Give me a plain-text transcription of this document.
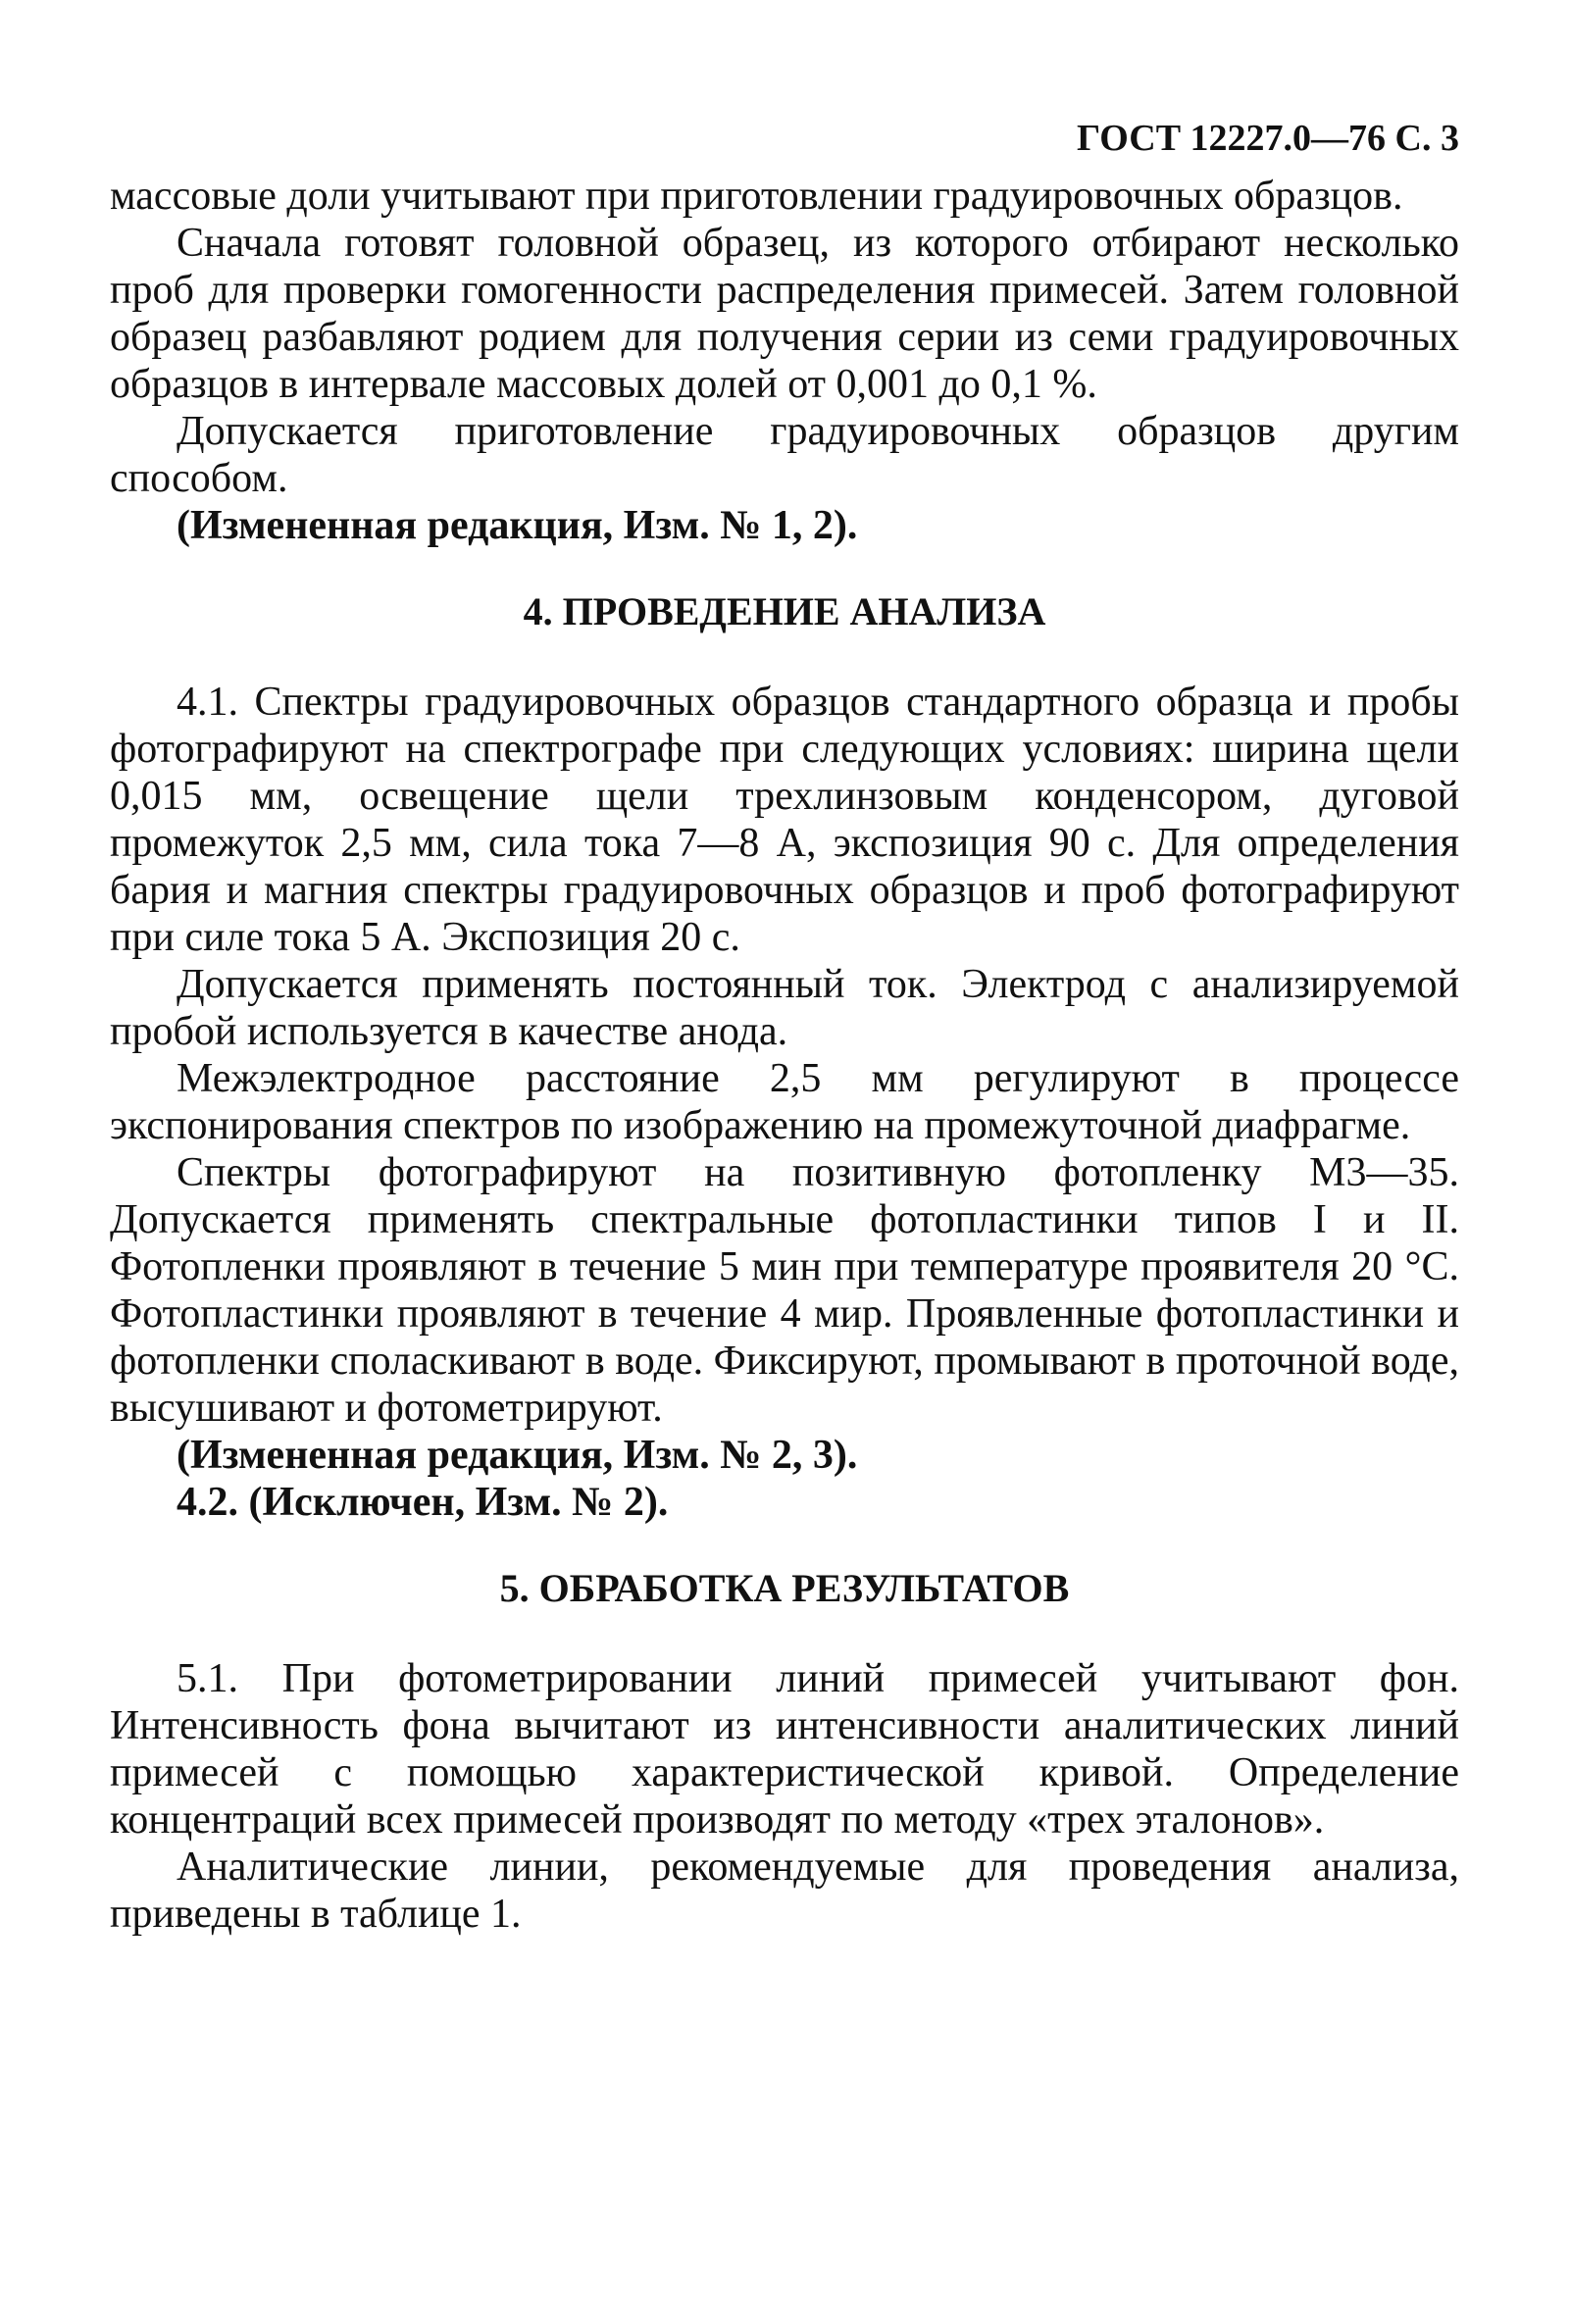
ГОСТ 12227.0—76 С. 3

массовые доли учитывают при приготовлении градуировочных образцов.

Сначала готовят головной образец, из которого отбирают несколько проб для проверки гомогенности распределения примесей. Затем головной образец разбавляют родием для получения серии из семи градуировочных образцов в интервале массовых долей от 0,001 до 0,1 %.

Допускается приготовление градуировочных образцов другим способом.

(Измененная редакция, Изм. № 1, 2).

4. ПРОВЕДЕНИЕ АНАЛИЗА

4.1. Спектры градуировочных образцов стандартного образца и пробы фотографируют на спектрографе при следующих условиях: ширина щели 0,015 мм, освещение щели трехлинзовым конденсором, дуговой промежуток 2,5 мм, сила тока 7—8 А, экспозиция 90 с. Для определения бария и магния спектры градуировочных образцов и проб фотографируют при силе тока 5 А. Экспозиция 20 с.

Допускается применять постоянный ток. Электрод с анализируемой пробой используется в качестве анода.

Межэлектродное расстояние 2,5 мм регулируют в процессе экспонирования спектров по изображению на промежуточной диафрагме.

Спектры фотографируют на позитивную фотопленку М3—35. Допускается применять спектральные фотопластинки типов I и II. Фотопленки проявляют в течение 5 мин при температуре проявителя 20 °С. Фотопластинки проявляют в течение 4 мир. Проявленные фотопластинки и фотопленки споласкивают в воде. Фиксируют, промывают в проточной воде, высушивают и фотометрируют.

(Измененная редакция, Изм. № 2, 3).

4.2. (Исключен, Изм. № 2).

5. ОБРАБОТКА РЕЗУЛЬТАТОВ

5.1. При фотометрировании линий примесей учитывают фон. Интенсивность фона вычитают из интенсивности аналитических линий примесей с помощью характеристической кривой. Определение концентраций всех примесей производят по методу «трех эталонов».

Аналитические линии, рекомендуемые для проведения анализа, приведены в таблице 1.
